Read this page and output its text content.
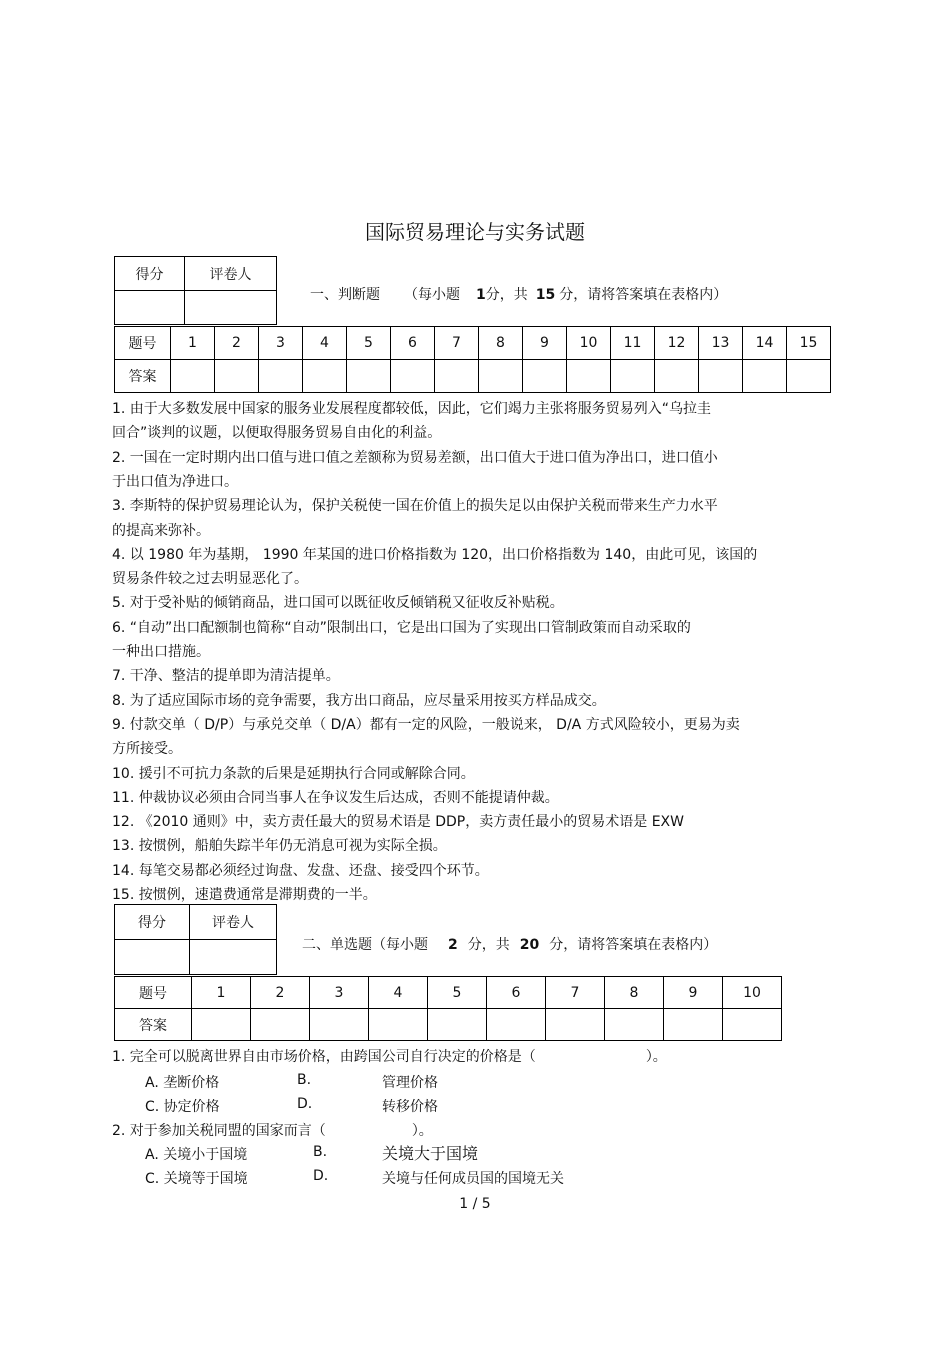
国际贸易理论与实务试题
得分	评卷人

一、判断题 （每小题 1分，共 15 分，请将答案填在表格内）
题号	1	2	3	4	5	6	7	8	9	10	11	12	13	14	15
答案															
1. 由于大多数发展中国家的服务业发展程度都较低，因此，它们竭力主张将服务贸易列入“乌拉圭
回合”谈判的议题，以便取得服务贸易自由化的利益。
2. 一国在一定时期内出口值与进口值之差额称为贸易差额，出口值大于进口值为净出口，进口值小
于出口值为净进口。
3. 李斯特的保护贸易理论认为，保护关税使一国在价值上的损失足以由保护关税而带来生产力水平
的提高来弥补。
4. 以 1980 年为基期， 1990 年某国的进口价格指数为 120，出口价格指数为 140，由此可见，该国的
贸易条件较之过去明显恶化了。
5. 对于受补贴的倾销商品，进口国可以既征收反倾销税又征收反补贴税。
6. “自动”出口配额制也简称“自动”限制出口，它是出口国为了实现出口管制政策而自动采取的
一种出口措施。
7. 干净、整洁的提单即为清洁提单。
8. 为了适应国际市场的竞争需要，我方出口商品，应尽量采用按买方样品成交。
9. 付款交单（ D/P）与承兑交单（ D/A）都有一定的风险，一般说来， D/A 方式风险较小，更易为卖
方所接受。
10. 援引不可抗力条款的后果是延期执行合同或解除合同。
11. 仲裁协议必须由合同当事人在争议发生后达成，否则不能提请仲裁。
12. 《2010 通则》中，卖方责任最大的贸易术语是 DDP，卖方责任最小的贸易术语是 EXW
13. 按惯例，船舶失踪半年仍无消息可视为实际全损。
14. 每笔交易都必须经过询盘、发盘、还盘、接受四个环节。
15. 按惯例，速遣费通常是滞期费的一半。
得分	评卷人

二、单选题（每小题 2 分，共 20 分，请将答案填在表格内）
题号	1	2	3	4	5	6	7	8	9	10
答案										
1. 完全可以脱离世界自由市场价格，由跨国公司自行决定的价格是（	）。
A. 垄断价格	B.	管理价格
C. 协定价格	D.	转移价格
2. 对于参加关税同盟的国家而言（	）。
A. 关境小于国境	B.	关境大于国境
C. 关境等于国境	D.	关境与任何成员国的国境无关
1 / 5
